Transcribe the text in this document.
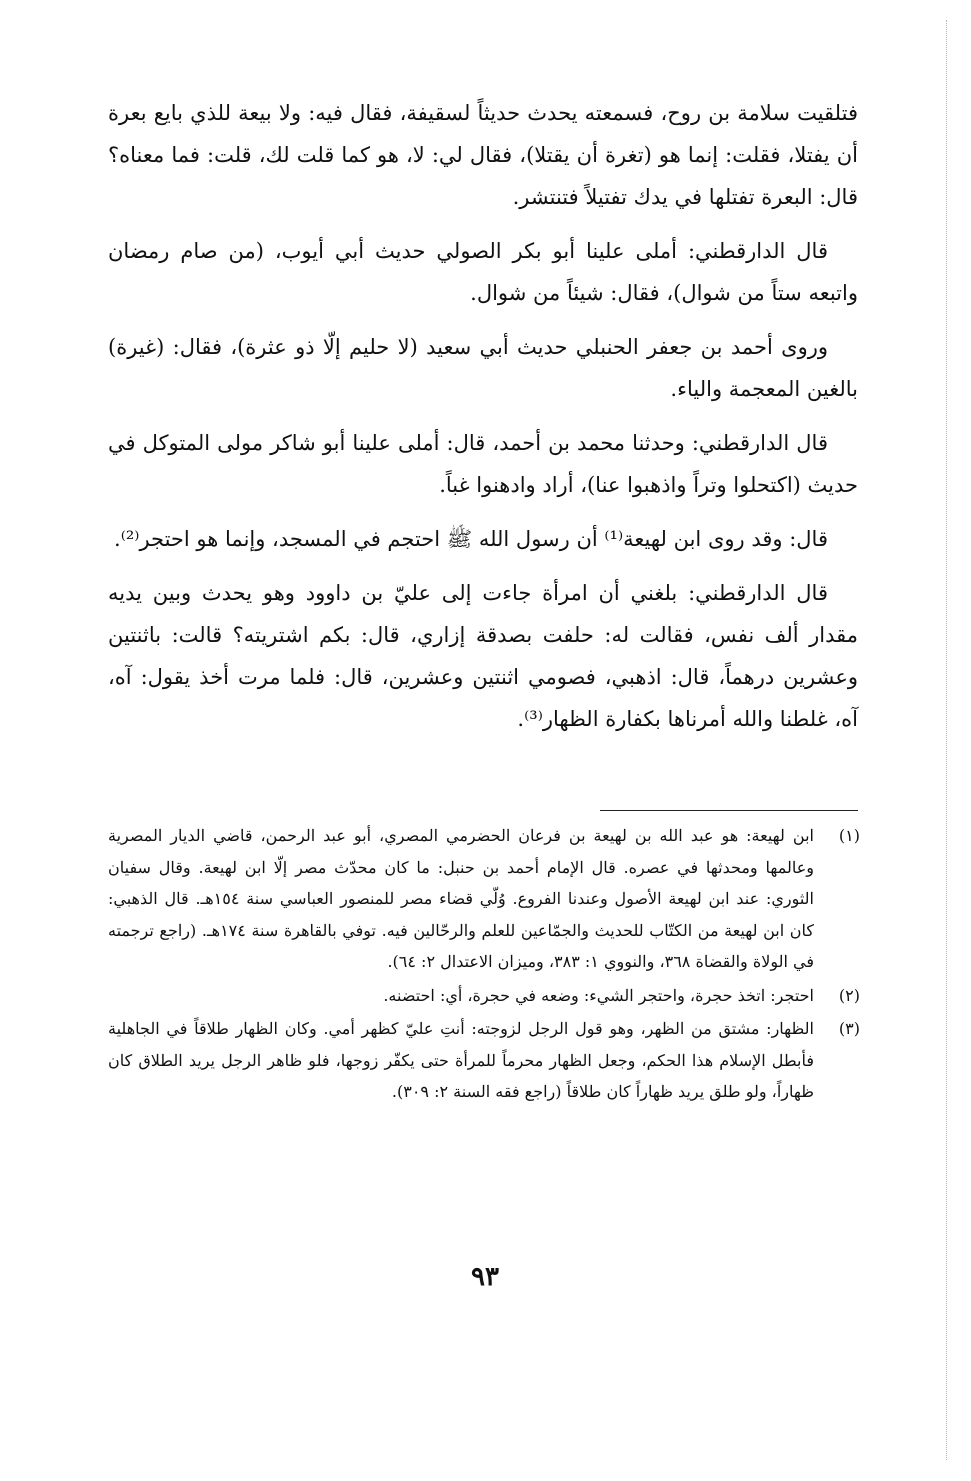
فتلقيت سلامة بن روح، فسمعته يحدث حديثاً لسقيفة، فقال فيه: ولا بيعة للذي بايع بعرة أن يفتلا، فقلت: إنما هو (تغرة أن يقتلا)، فقال لي: لا، هو كما قلت لك، قلت: فما معناه؟ قال: البعرة تفتلها في يدك تفتيلاً فتنتشر.

قال الدارقطني: أملى علينا أبو بكر الصولي حديث أبي أيوب، (من صام رمضان واتبعه ستاً من شوال)، فقال: شيئاً من شوال.

وروى أحمد بن جعفر الحنبلي حديث أبي سعيد (لا حليم إلّا ذو عثرة)، فقال: (غيرة) بالغين المعجمة والياء.

قال الدارقطني: وحدثنا محمد بن أحمد، قال: أملى علينا أبو شاكر مولى المتوكل في حديث (اكتحلوا وتراً واذهبوا عنا)، أراد وادهنوا غباً.

قال: وقد روى ابن لهيعة⁽¹⁾ أن رسول الله ﷺ احتجم في المسجد، وإنما هو احتجر⁽²⁾.

قال الدارقطني: بلغني أن امرأة جاءت إلى عليّ بن داوود وهو يحدث وبين يديه مقدار ألف نفس، فقالت له: حلفت بصدقة إزاري، قال: بكم اشتريته؟ قالت: باثنتين وعشرين درهماً، قال: اذهبي، فصومي اثنتين وعشرين، قال: فلما مرت أخذ يقول: آه، آه، غلطنا والله أمرناها بكفارة الظهار⁽³⁾.

(١)
ابن لهيعة: هو عبد الله بن لهيعة بن فرعان الحضرمي المصري، أبو عبد الرحمن، قاضي الديار المصرية وعالمها ومحدثها في عصره. قال الإمام أحمد بن حنبل: ما كان محدّث مصر إلّا ابن لهيعة. وقال سفيان الثوري: عند ابن لهيعة الأصول وعندنا الفروع. وُلّي قضاء مصر للمنصور العباسي سنة ١٥٤هـ. قال الذهبي: كان ابن لهيعة من الكتّاب للحديث والجمّاعين للعلم والرحّالين فيه. توفي بالقاهرة سنة ١٧٤هـ. (راجع ترجمته في الولاة والقضاة ٣٦٨، والنووي ١: ٣٨٣، وميزان الاعتدال ٢: ٦٤).
(٢)
احتجر: اتخذ حجرة، واحتجر الشيء: وضعه في حجرة، أي: احتضنه.
(٣)
الظهار: مشتق من الظهر، وهو قول الرجل لزوجته: أنتِ عليّ كظهر أمي. وكان الظهار طلاقاً في الجاهلية فأبطل الإسلام هذا الحكم، وجعل الظهار محرماً للمرأة حتى يكفّر زوجها، فلو ظاهر الرجل يريد الطلاق كان ظهاراً، ولو طلق يريد ظهاراً كان طلاقاً (راجع فقه السنة ٢: ٣٠٩).
٩٣
